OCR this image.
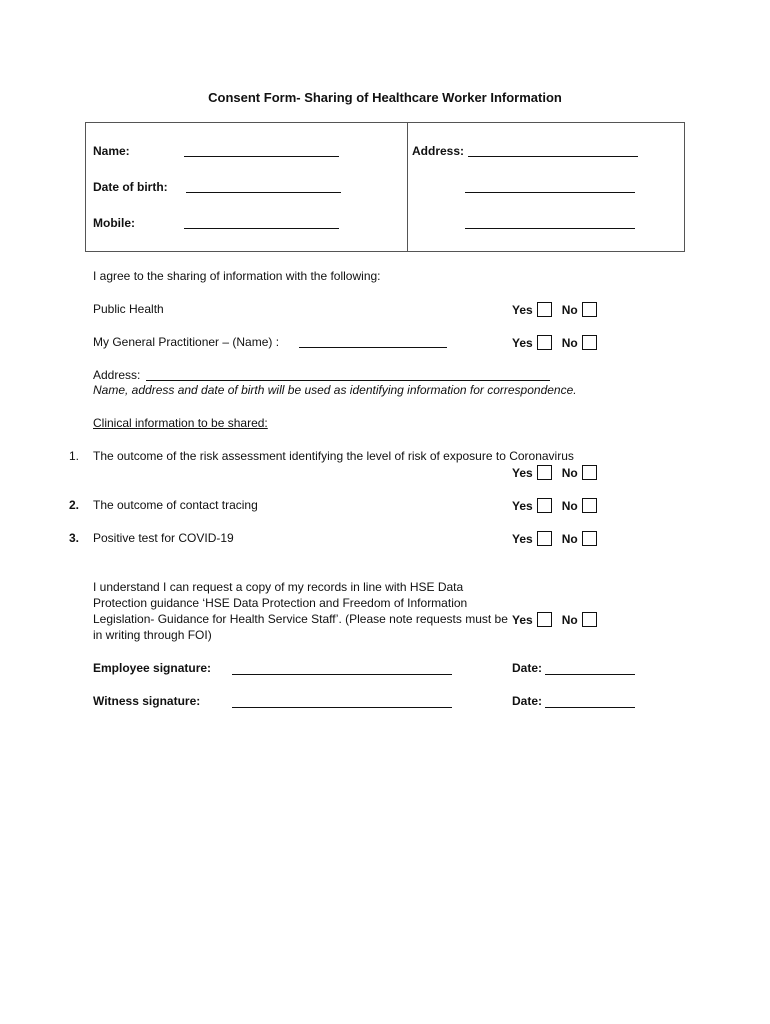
Consent Form- Sharing of Healthcare Worker Information
Name:
Date of birth:
Mobile:
Address:
I agree to the sharing of information with the following:
Public Health	Yes No
My General Practitioner – (Name) :	Yes No
Address:
Name, address and date of birth will be used as identifying information for correspondence.
Clinical information to be shared:
1. The outcome of the risk assessment identifying the level of risk of exposure to Coronavirus
Yes No
2. The outcome of contact tracing	Yes No
3. Positive test for COVID-19	Yes No
I understand I can request a copy of my records in line with HSE Data Protection guidance ‘HSE Data Protection and Freedom of Information Legislation- Guidance for Health Service Staff’. (Please note requests must be in writing through FOI)
Yes No
Employee signature:	Date:
Witness signature:	Date:
